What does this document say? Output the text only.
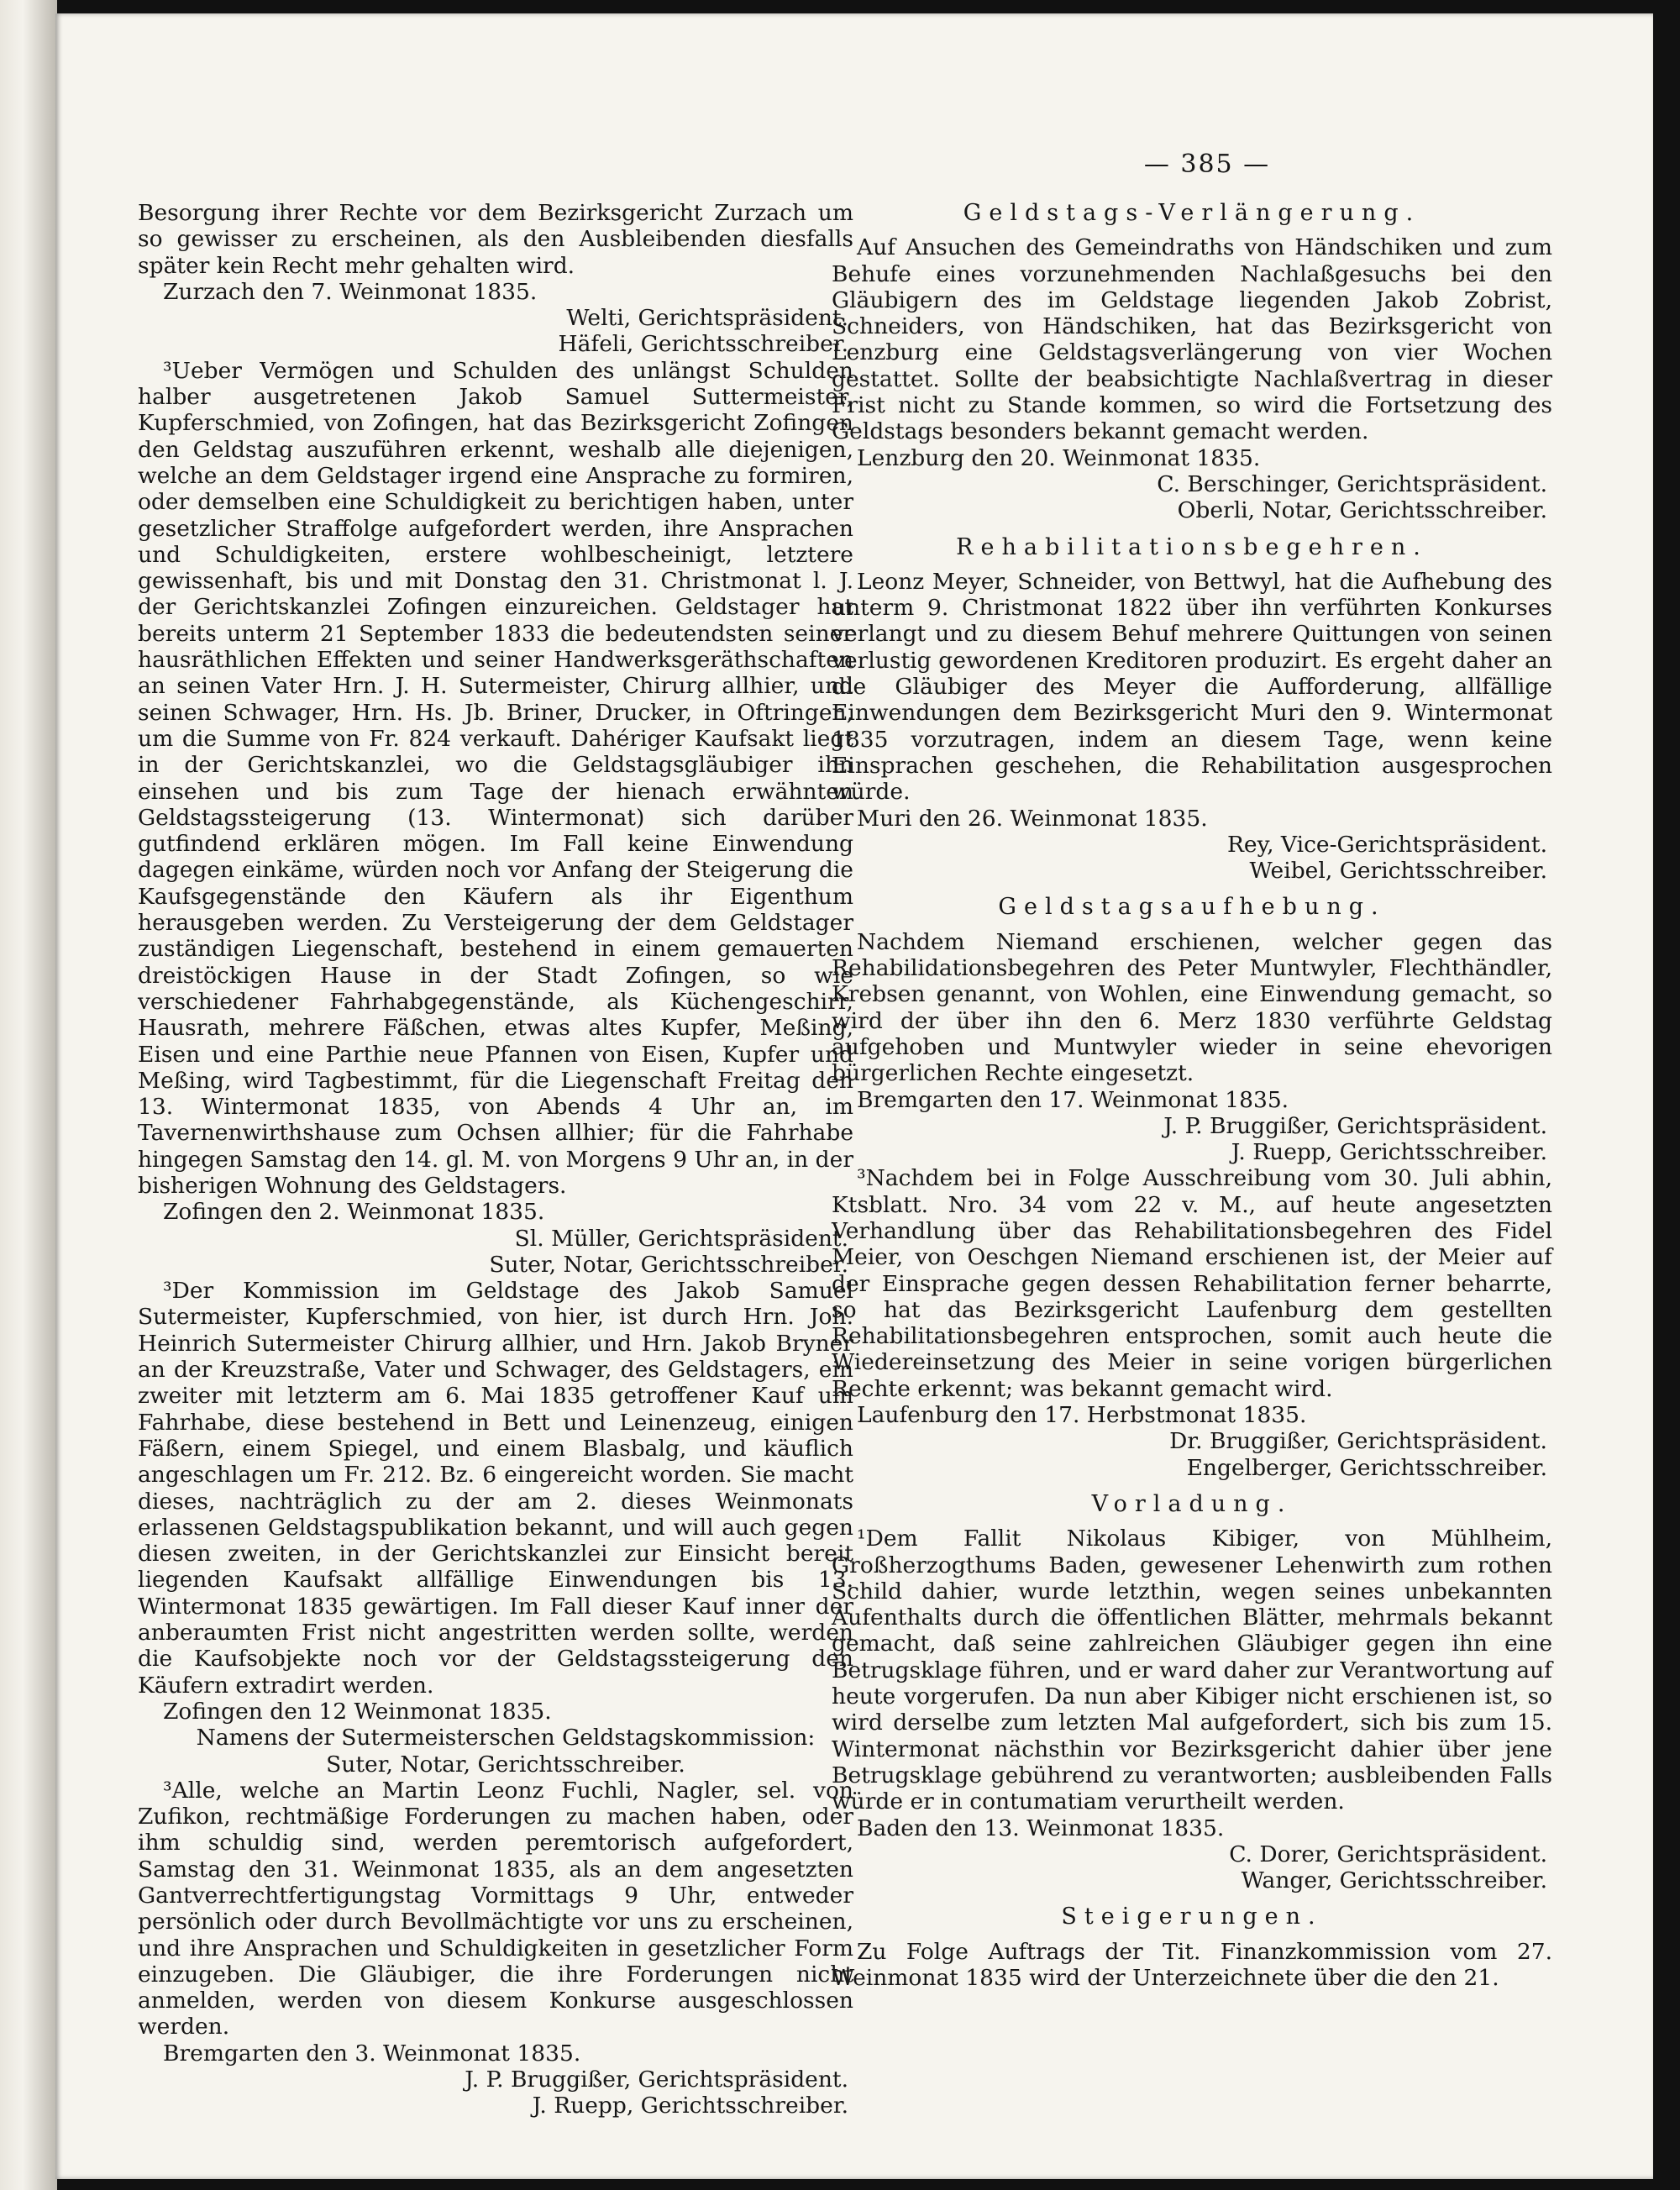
— 385 —

Besorgung ihrer Rechte vor dem Bezirksgericht Zurzach um so gewisser zu erscheinen, als den Ausbleibenden diesfalls später kein Recht mehr gehalten wird.

Zurzach den 7. Weinmonat 1835.

Welti, Gerichtspräsident.

Häfeli, Gerichtsschreiber.

³Ueber Vermögen und Schulden des unlängst Schulden halber ausgetretenen Jakob Samuel Suttermeister, Kupferschmied, von Zofingen, hat das Bezirksgericht Zofingen den Geldstag auszuführen erkennt, weshalb alle diejenigen, welche an dem Geldstager irgend eine Ansprache zu formiren, oder demselben eine Schuldigkeit zu berichtigen haben, unter gesetzlicher Straffolge aufgefordert werden, ihre Ansprachen und Schuldigkeiten, erstere wohlbescheinigt, letztere gewissenhaft, bis und mit Donstag den 31. Christmonat l. J. der Gerichtskanzlei Zofingen einzureichen. Geldstager hat bereits unterm 21 September 1833 die bedeutendsten seiner hausräthlichen Effekten und seiner Handwerksgeräthschaften an seinen Vater Hrn. J. H. Sutermeister, Chirurg allhier, und seinen Schwager, Hrn. Hs. Jb. Briner, Drucker, in Oftringen, um die Summe von Fr. 824 verkauft. Dahériger Kaufsakt liegt in der Gerichtskanzlei, wo die Geldstagsgläubiger ihn einsehen und bis zum Tage der hienach erwähnten Geldstagssteigerung (13. Wintermonat) sich darüber gutfindend erklären mögen. Im Fall keine Einwendung dagegen einkäme, würden noch vor Anfang der Steigerung die Kaufsgegenstände den Käufern als ihr Eigenthum herausgeben werden. Zu Versteigerung der dem Geldstager zuständigen Liegenschaft, bestehend in einem gemauerten dreistöckigen Hause in der Stadt Zofingen, so wie verschiedener Fahrhabgegenstände, als Küchengeschirr, Hausrath, mehrere Fäßchen, etwas altes Kupfer, Meßing, Eisen und eine Parthie neue Pfannen von Eisen, Kupfer und Meßing, wird Tagbestimmt, für die Liegenschaft Freitag den 13. Wintermonat 1835, von Abends 4 Uhr an, im Tavernenwirthshause zum Ochsen allhier; für die Fahrhabe hingegen Samstag den 14. gl. M. von Morgens 9 Uhr an, in der bisherigen Wohnung des Geldstagers.

Zofingen den 2. Weinmonat 1835.

Sl. Müller, Gerichtspräsident.

Suter, Notar, Gerichtsschreiber.

³Der Kommission im Geldstage des Jakob Samuel Sutermeister, Kupferschmied, von hier, ist durch Hrn. Joh. Heinrich Sutermeister Chirurg allhier, und Hrn. Jakob Bryner an der Kreuzstraße, Vater und Schwager, des Geldstagers, ein zweiter mit letzterm am 6. Mai 1835 getroffener Kauf um Fahrhabe, diese bestehend in Bett und Leinenzeug, einigen Fäßern, einem Spiegel, und einem Blasbalg, und käuflich angeschlagen um Fr. 212. Bz. 6 eingereicht worden. Sie macht dieses, nachträglich zu der am 2. dieses Weinmonats erlassenen Geldstagspublikation bekannt, und will auch gegen diesen zweiten, in der Gerichtskanzlei zur Einsicht bereit liegenden Kaufsakt allfällige Einwendungen bis 13. Wintermonat 1835 gewärtigen. Im Fall dieser Kauf inner der anberaumten Frist nicht angestritten werden sollte, werden die Kaufsobjekte noch vor der Geldstagssteigerung den Käufern extradirt werden.

Zofingen den 12 Weinmonat 1835.

Namens der Sutermeisterschen Geldstagskommission:

Suter, Notar, Gerichtsschreiber.

³Alle, welche an Martin Leonz Fuchli, Nagler, sel. von Zufikon, rechtmäßige Forderungen zu machen haben, oder ihm schuldig sind, werden peremtorisch aufgefordert, Samstag den 31. Weinmonat 1835, als an dem angesetzten Gantverrechtfertigungstag Vormittags 9 Uhr, entweder persönlich oder durch Bevollmächtigte vor uns zu erscheinen, und ihre Ansprachen und Schuldigkeiten in gesetzlicher Form einzugeben. Die Gläubiger, die ihre Forderungen nicht anmelden, werden von diesem Konkurse ausgeschlossen werden.

Bremgarten den 3. Weinmonat 1835.

J. P. Bruggißer, Gerichtspräsident.

J. Ruepp, Gerichtsschreiber.

Geldstags-Verlängerung.

Auf Ansuchen des Gemeindraths von Händschiken und zum Behufe eines vorzunehmenden Nachlaßgesuchs bei den Gläubigern des im Geldstage liegenden Jakob Zobrist, Schneiders, von Händschiken, hat das Bezirksgericht von Lenzburg eine Geldstagsverlängerung von vier Wochen gestattet. Sollte der beabsichtigte Nachlaßvertrag in dieser Frist nicht zu Stande kommen, so wird die Fortsetzung des Geldstags besonders bekannt gemacht werden.

Lenzburg den 20. Weinmonat 1835.

C. Berschinger, Gerichtspräsident.

Oberli, Notar, Gerichtsschreiber.

Rehabilitationsbegehren.

Leonz Meyer, Schneider, von Bettwyl, hat die Aufhebung des unterm 9. Christmonat 1822 über ihn verführten Konkurses verlangt und zu diesem Behuf mehrere Quittungen von seinen verlustig gewordenen Kreditoren produzirt. Es ergeht daher an die Gläubiger des Meyer die Aufforderung, allfällige Einwendungen dem Bezirksgericht Muri den 9. Wintermonat 1835 vorzutragen, indem an diesem Tage, wenn keine Einsprachen geschehen, die Rehabilitation ausgesprochen würde.

Muri den 26. Weinmonat 1835.

Rey, Vice-Gerichtspräsident.

Weibel, Gerichtsschreiber.

Geldstagsaufhebung.

Nachdem Niemand erschienen, welcher gegen das Rehabilidationsbegehren des Peter Muntwyler, Flechthändler, Krebsen genannt, von Wohlen, eine Einwendung gemacht, so wird der über ihn den 6. Merz 1830 verführte Geldstag aufgehoben und Muntwyler wieder in seine ehevorigen bürgerlichen Rechte eingesetzt.

Bremgarten den 17. Weinmonat 1835.

J. P. Bruggißer, Gerichtspräsident.

J. Ruepp, Gerichtsschreiber.

³Nachdem bei in Folge Ausschreibung vom 30. Juli abhin, Ktsblatt. Nro. 34 vom 22 v. M., auf heute angesetzten Verhandlung über das Rehabilitationsbegehren des Fidel Meier, von Oeschgen Niemand erschienen ist, der Meier auf der Einsprache gegen dessen Rehabilitation ferner beharrte, so hat das Bezirksgericht Laufenburg dem gestellten Rehabilitationsbegehren entsprochen, somit auch heute die Wiedereinsetzung des Meier in seine vorigen bürgerlichen Rechte erkennt; was bekannt gemacht wird.

Laufenburg den 17. Herbstmonat 1835.

Dr. Bruggißer, Gerichtspräsident.

Engelberger, Gerichtsschreiber.

Vorladung.

¹Dem Fallit Nikolaus Kibiger, von Mühlheim, Großherzogthums Baden, gewesener Lehenwirth zum rothen Schild dahier, wurde letzthin, wegen seines unbekannten Aufenthalts durch die öffentlichen Blätter, mehrmals bekannt gemacht, daß seine zahlreichen Gläubiger gegen ihn eine Betrugsklage führen, und er ward daher zur Verantwortung auf heute vorgerufen. Da nun aber Kibiger nicht erschienen ist, so wird derselbe zum letzten Mal aufgefordert, sich bis zum 15. Wintermonat nächsthin vor Bezirksgericht dahier über jene Betrugsklage gebührend zu verantworten; ausbleibenden Falls würde er in contumatiam verurtheilt werden.

Baden den 13. Weinmonat 1835.

C. Dorer, Gerichtspräsident.

Wanger, Gerichtsschreiber.

Steigerungen.

Zu Folge Auftrags der Tit. Finanzkommission vom 27. Weinmonat 1835 wird der Unterzeichnete über die den 21.
